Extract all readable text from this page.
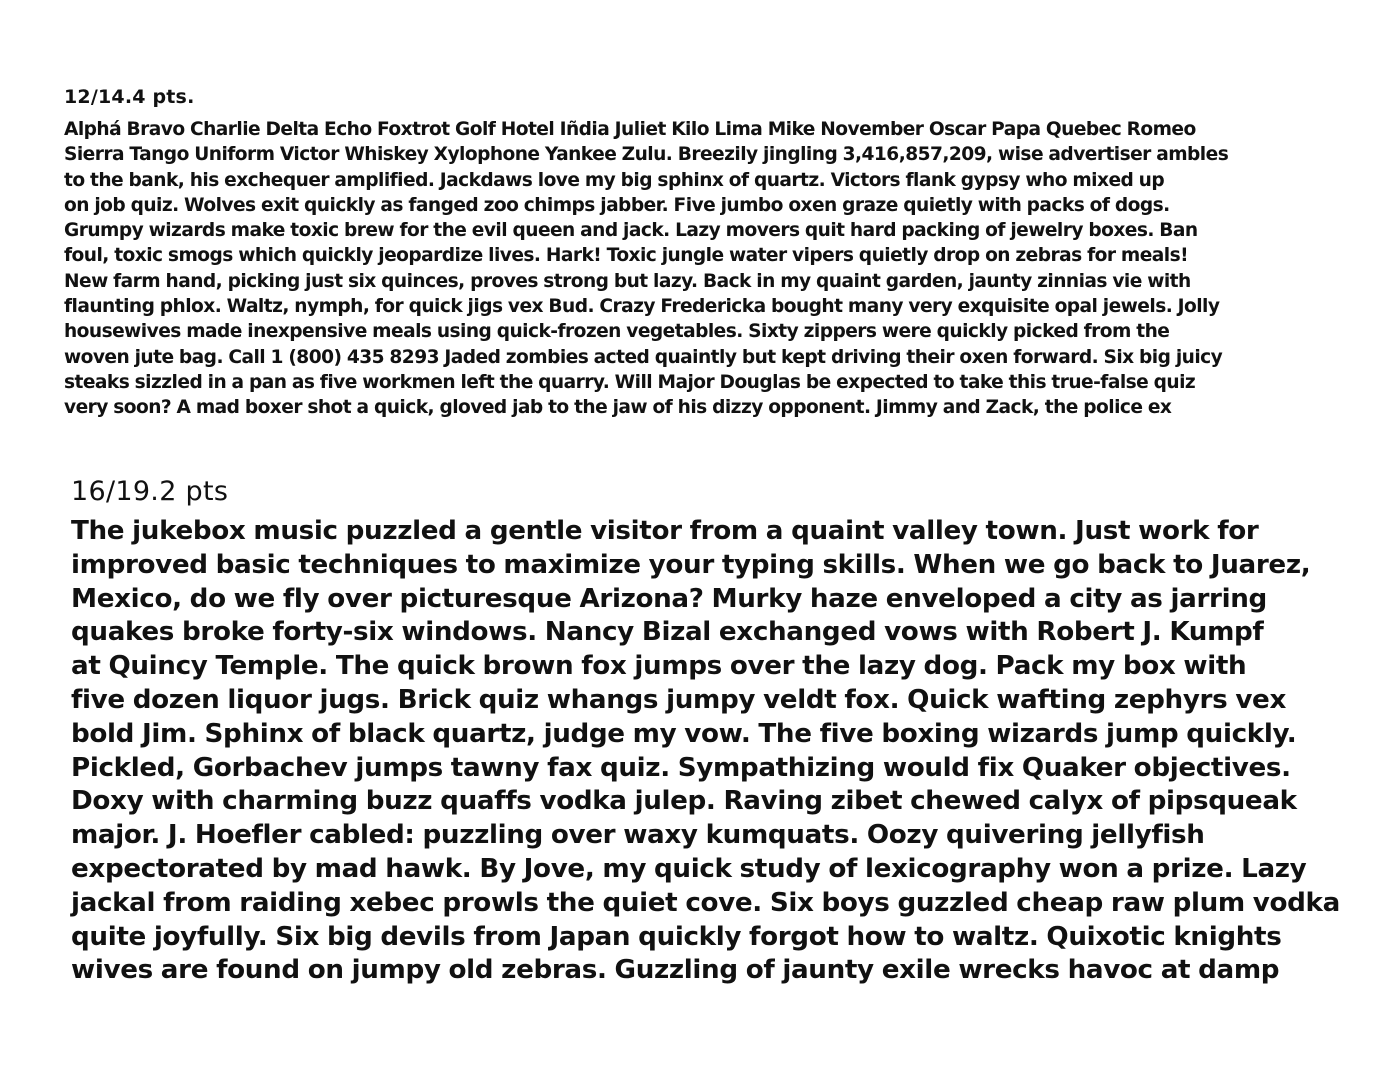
12/14.4 pts.

Alphá Bravo Charlie Delta Echo Foxtrot Golf Hotel Iñdia Juliet Kilo Lima Mike November Oscar Papa Quebec Romeo
Sierra Tango Uniform Victor Whiskey Xylophone Yankee Zulu. Breezily jingling 3,416,857,209, wise advertiser ambles
to the bank, his exchequer amplified. Jackdaws love my big sphinx of quartz. Victors flank gypsy who mixed up
on job quiz. Wolves exit quickly as fanged zoo chimps jabber. Five jumbo oxen graze quietly with packs of dogs.
Grumpy wizards make toxic brew for the evil queen and jack. Lazy movers quit hard packing of jewelry boxes. Ban
foul, toxic smogs which quickly jeopardize lives. Hark! Toxic jungle water vipers quietly drop on zebras for meals!
New farm hand, picking just six quinces, proves strong but lazy. Back in my quaint garden, jaunty zinnias vie with
flaunting phlox. Waltz, nymph, for quick jigs vex Bud. Crazy Fredericka bought many very exquisite opal jewels. Jolly
housewives made inexpensive meals using quick-frozen vegetables. Sixty zippers were quickly picked from the
woven jute bag. Call 1 (800) 435 8293 Jaded zombies acted quaintly but kept driving their oxen forward. Six big juicy
steaks sizzled in a pan as five workmen left the quarry. Will Major Douglas be expected to take this true-false quiz
very soon? A mad boxer shot a quick, gloved jab to the jaw of his dizzy opponent. Jimmy and Zack, the police ex

16/19.2 pts

The jukebox music puzzled a gentle visitor from a quaint valley town. Just work for
improved basic techniques to maximize your typing skills. When we go back to Juarez,
Mexico, do we fly over picturesque Arizona? Murky haze enveloped a city as jarring
quakes broke forty-six windows. Nancy Bizal exchanged vows with Robert J. Kumpf
at Quincy Temple. The quick brown fox jumps over the lazy dog. Pack my box with
five dozen liquor jugs. Brick quiz whangs jumpy veldt fox. Quick wafting zephyrs vex
bold Jim. Sphinx of black quartz, judge my vow. The five boxing wizards jump quickly.
Pickled, Gorbachev jumps tawny fax quiz. Sympathizing would fix Quaker objectives.
Doxy with charming buzz quaffs vodka julep. Raving zibet chewed calyx of pipsqueak
major. J. Hoefler cabled: puzzling over waxy kumquats. Oozy quivering jellyfish
expectorated by mad hawk. By Jove, my quick study of lexicography won a prize. Lazy
jackal from raiding xebec prowls the quiet cove. Six boys guzzled cheap raw plum vodka
quite joyfully. Six big devils from Japan quickly forgot how to waltz. Quixotic knights
wives are found on jumpy old zebras. Guzzling of jaunty exile wrecks havoc at damp
